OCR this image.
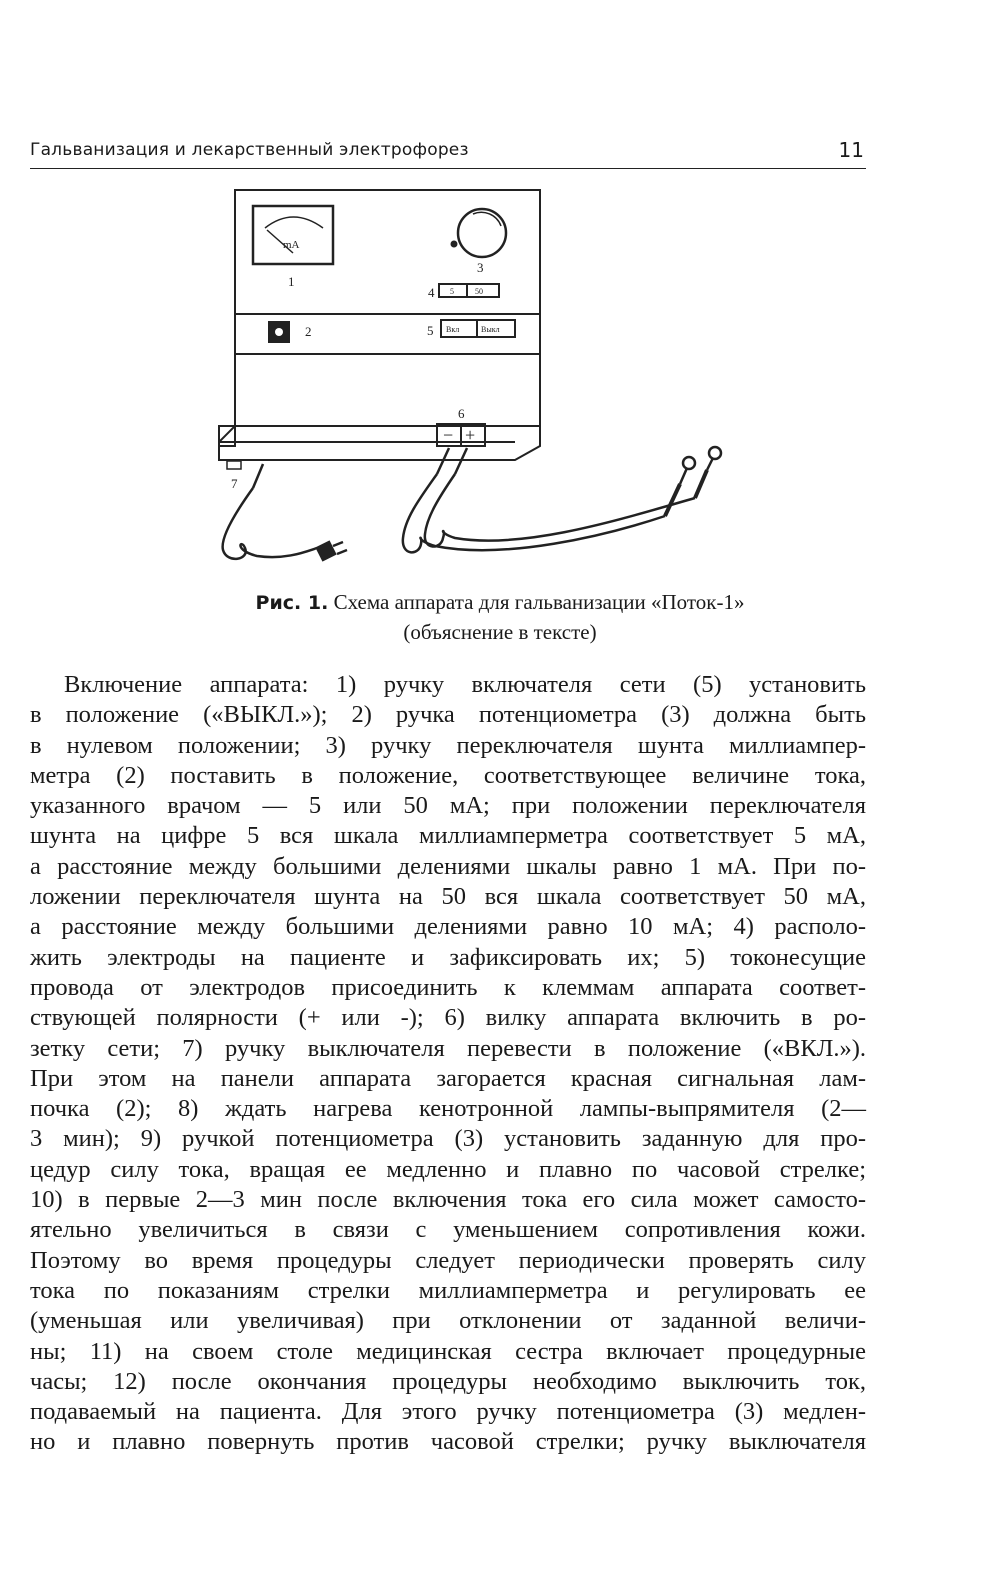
Гальванизация и лекарственный электрофорез	11
mA
1
3
4 5	50
2	5 Вкл	Выкл
6
− +
7
Рис. 1. Схема аппарата для гальванизации «Поток-1»
(объяснение в тексте)
Включение аппарата: 1) ручку включателя сети (5) установить
в положение («ВЫКЛ.»); 2) ручка потенциометра (3) должна быть
в нулевом положении; 3) ручку переключателя шунта миллиампер-
метра (2) поставить в положение, соответствующее величине тока,
указанного врачом — 5 или 50 мА; при положении переключателя
шунта на цифре 5 вся шкала миллиамперметра соответствует 5 мА,
а расстояние между большими делениями шкалы равно 1 мА. При по-
ложении переключателя шунта на 50 вся шкала соответствует 50 мА,
а расстояние между большими делениями равно 10 мА; 4) располо-
жить электроды на пациенте и зафиксировать их; 5) токонесущие
провода от электродов присоединить к клеммам аппарата соответ-
ствующей полярности (+ или -); 6) вилку аппарата включить в ро-
зетку сети; 7) ручку выключателя перевести в положение («ВКЛ.»).
При этом на панели аппарата загорается красная сигнальная лам-
почка (2); 8) ждать нагрева кенотронной лампы-выпрямителя (2—
3 мин); 9) ручкой потенциометра (3) установить заданную для про-
цедур силу тока, вращая ее медленно и плавно по часовой стрелке;
10) в первые 2—3 мин после включения тока его сила может самосто-
ятельно увеличиться в связи с уменьшением сопротивления кожи.
Поэтому во время процедуры следует периодически проверять силу
тока по показаниям стрелки миллиамперметра и регулировать ее
(уменьшая или увеличивая) при отклонении от заданной величи-
ны; 11) на своем столе медицинская сестра включает процедурные
часы; 12) после окончания процедуры необходимо выключить ток,
подаваемый на пациента. Для этого ручку потенциометра (3) медлен-
но и плавно повернуть против часовой стрелки; ручку выключателя
